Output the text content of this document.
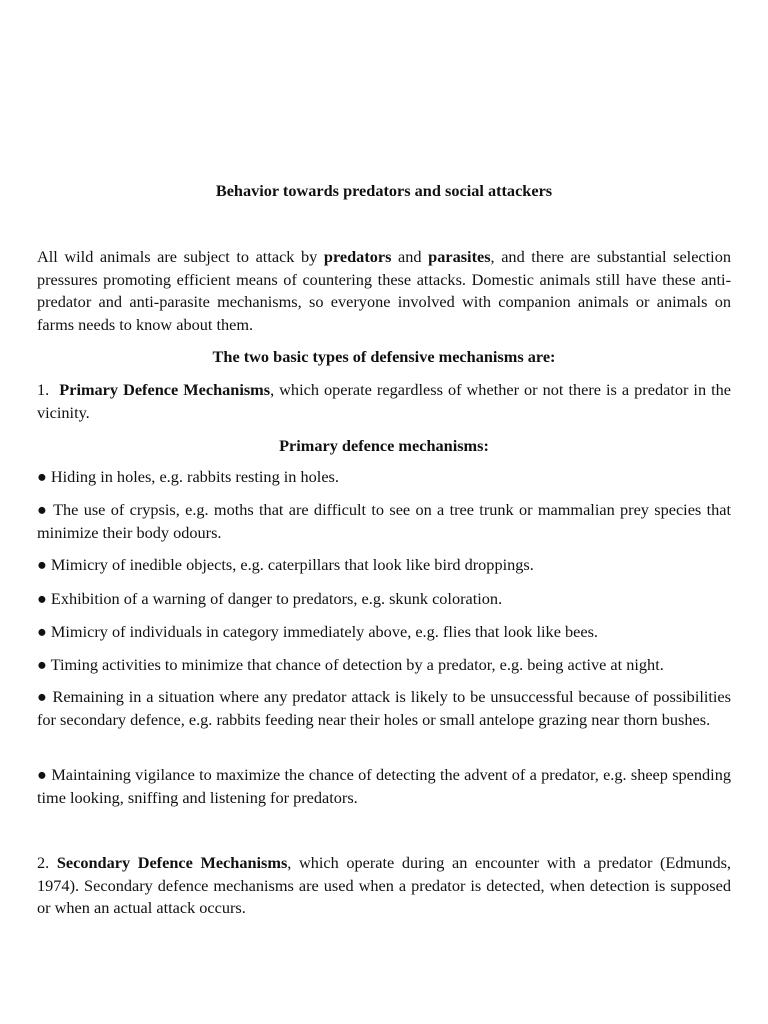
Behavior towards predators and social attackers

All wild animals are subject to attack by predators and parasites, and there are substantial selection pressures promoting efficient means of countering these attacks. Domestic animals still have these anti-predator and anti-parasite mechanisms, so everyone involved with companion animals or animals on farms needs to know about them.

The two basic types of defensive mechanisms are:

1.  Primary Defence Mechanisms, which operate regardless of whether or not there is a predator in the vicinity.

Primary defence mechanisms:

● Hiding in holes, e.g. rabbits resting in holes.

● The use of crypsis, e.g. moths that are difficult to see on a tree trunk or mammalian prey species that minimize their body odours.

● Mimicry of inedible objects, e.g. caterpillars that look like bird droppings.

● Exhibition of a warning of danger to predators, e.g. skunk coloration.

● Mimicry of individuals in category immediately above, e.g. flies that look like bees.

● Timing activities to minimize that chance of detection by a predator, e.g. being active at night.

● Remaining in a situation where any predator attack is likely to be unsuccessful because of possibilities for secondary defence, e.g. rabbits feeding near their holes or small antelope grazing near thorn bushes.

● Maintaining vigilance to maximize the chance of detecting the advent of a predator, e.g. sheep spending time looking, sniffing and listening for predators.

2. Secondary Defence Mechanisms, which operate during an encounter with a predator (Edmunds, 1974). Secondary defence mechanisms are used when a predator is detected, when detection is supposed or when an actual attack occurs.
